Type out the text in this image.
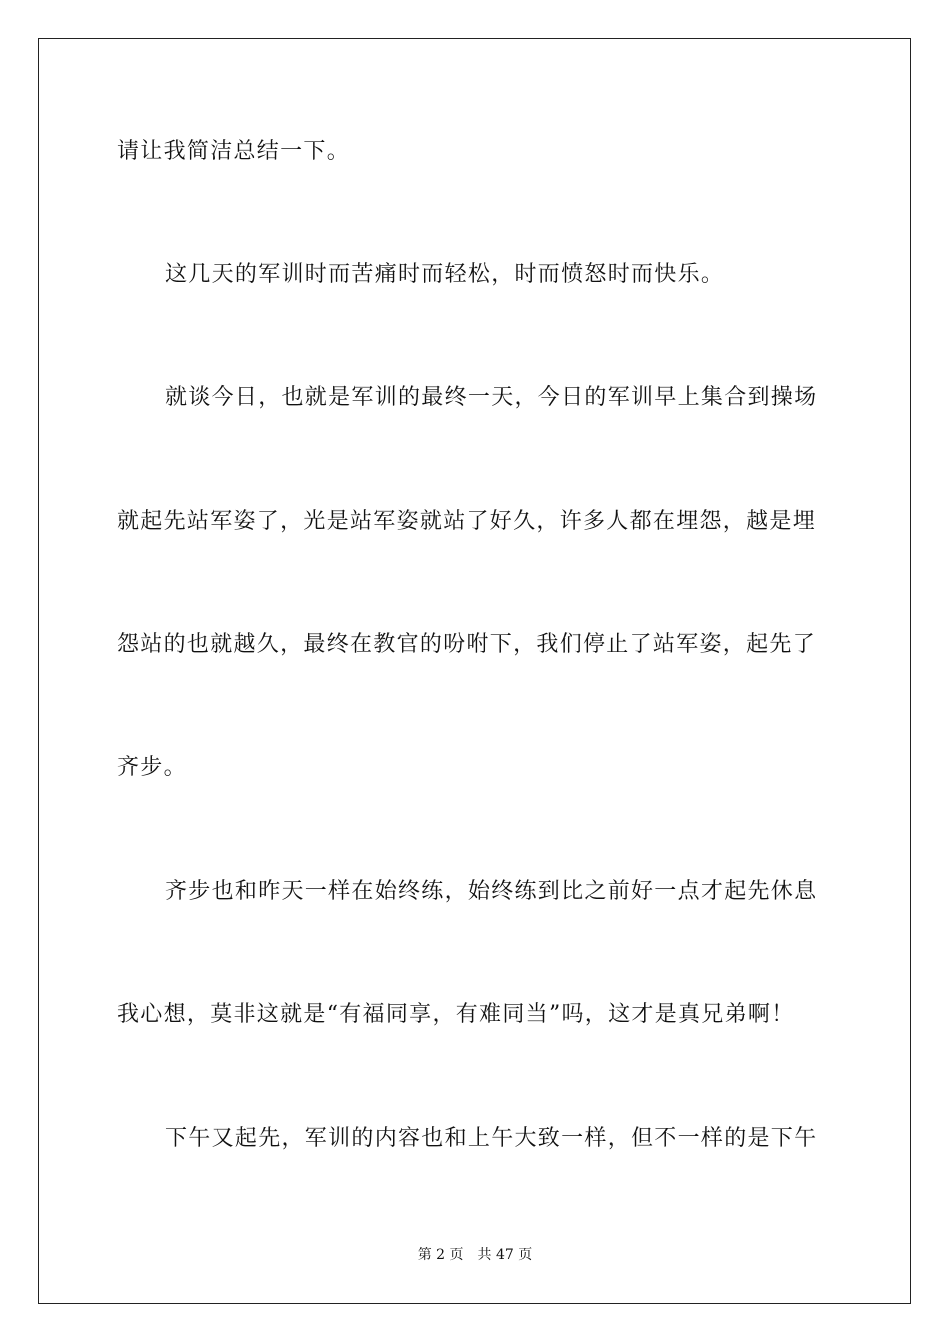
请让我简洁总结一下。
这几天的军训时而苦痛时而轻松，时而愤怒时而快乐。
就谈今日，也就是军训的最终一天，今日的军训早上集合到操场
就起先站军姿了，光是站军姿就站了好久，许多人都在埋怨，越是埋
怨站的也就越久，最终在教官的吩咐下，我们停止了站军姿，起先了
齐步。
齐步也和昨天一样在始终练，始终练到比之前好一点才起先休息
我心想，莫非这就是“有福同享，有难同当”吗，这才是真兄弟啊！
下午又起先，军训的内容也和上午大致一样，但不一样的是下午
第 2 页 共 47 页
